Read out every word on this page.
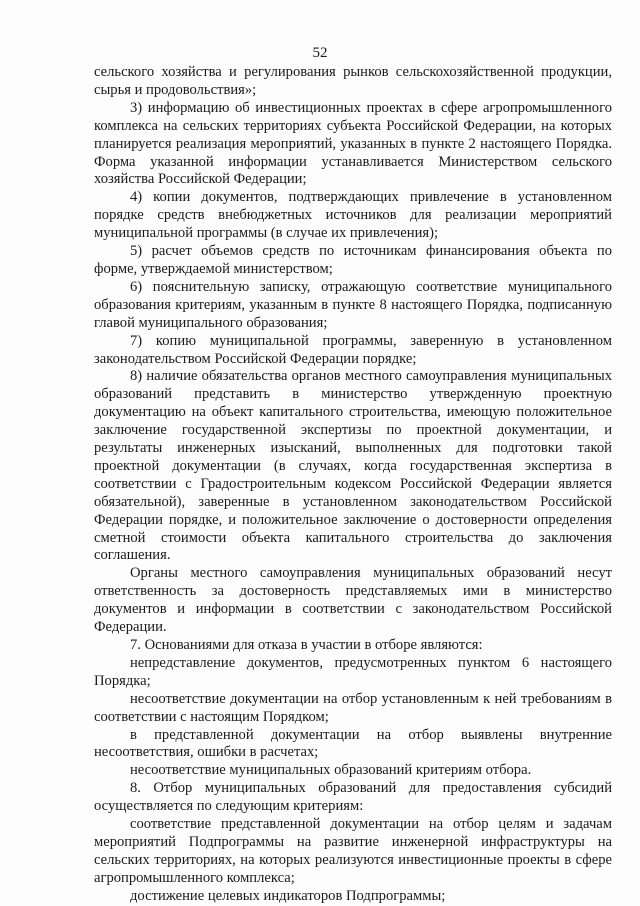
52

сельского хозяйства и регулирования рынков сельскохозяйственной продукции, сырья и продовольствия»;

3) информацию об инвестиционных проектах в сфере агропромышленного комплекса на сельских территориях субъекта Российской Федерации, на которых планируется реализация мероприятий, указанных в пункте 2 настоящего Порядка. Форма указанной информации устанавливается Министерством сельского хозяйства Российской Федерации;

4) копии документов, подтверждающих привлечение в установленном порядке средств внебюджетных источников для реализации мероприятий муниципальной программы (в случае их привлечения);

5) расчет объемов средств по источникам финансирования объекта по форме, утверждаемой министерством;

6) пояснительную записку, отражающую соответствие муниципального образования критериям, указанным в пункте 8 настоящего Порядка, подписанную главой муниципального образования;

7) копию муниципальной программы, заверенную в установленном законодательством Российской Федерации порядке;

8) наличие обязательства органов местного самоуправления муниципальных образований представить в министерство утвержденную проектную документацию на объект капитального строительства, имеющую положительное заключение государственной экспертизы по проектной документации, и результаты инженерных изысканий, выполненных для подготовки такой проектной документации (в случаях, когда государственная экспертиза в соответствии с Градостроительным кодексом Российской Федерации является обязательной), заверенные в установленном законодательством Российской Федерации порядке, и положительное заключение о достоверности определения сметной стоимости объекта капитального строительства до заключения соглашения.

Органы местного самоуправления муниципальных образований несут ответственность за достоверность представляемых ими в министерство документов и информации в соответствии с законодательством Российской Федерации.

7. Основаниями для отказа в участии в отборе являются:

непредставление документов, предусмотренных пунктом 6 настоящего Порядка;

несоответствие документации на отбор установленным к ней требованиям в соответствии с настоящим Порядком;

в представленной документации на отбор выявлены внутренние несоответствия, ошибки в расчетах;

несоответствие муниципальных образований критериям отбора.

8. Отбор муниципальных образований для предоставления субсидий осуществляется по следующим критериям:

соответствие представленной документации на отбор целям и задачам мероприятий Подпрограммы на развитие инженерной инфраструктуры на сельских территориях, на которых реализуются инвестиционные проекты в сфере агропромышленного комплекса;

достижение целевых индикаторов Подпрограммы;
